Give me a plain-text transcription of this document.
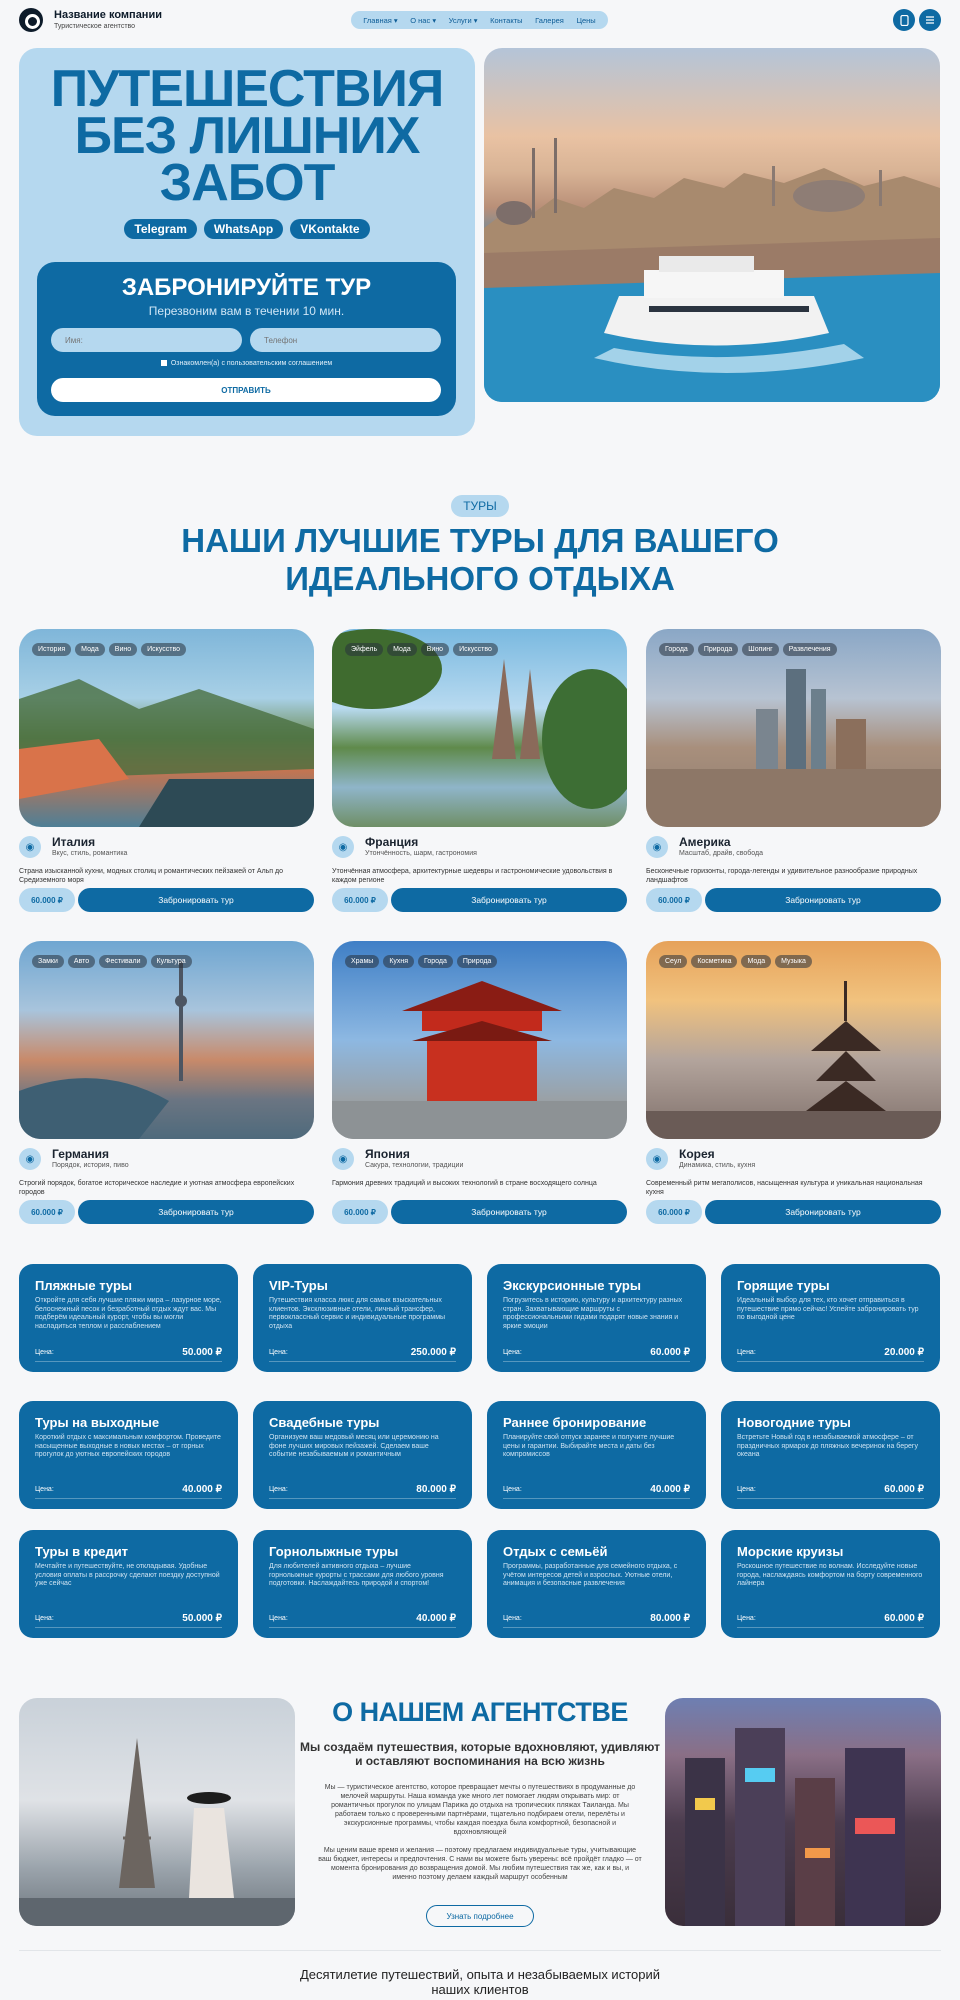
Название компании
Туристическое агентство
Главная ▾ О нас ▾ Услуги ▾ Контакты Галерея Цены
ПУТЕШЕСТВИЯ
БЕЗ ЛИШНИХ
ЗАБОТ
Telegram	WhatsApp	VKontakte
ЗАБРОНИРУЙТЕ ТУР
Перезвоним вам в течении 10 мин.
Имя:
Телефон
Ознакомлен(а) с пользовательским соглашением
ОТПРАВИТЬ
ТУРЫ
НАШИ ЛУЧШИЕ ТУРЫ ДЛЯ ВАШЕГО ИДЕАЛЬНОГО ОТДЫХА
История	Мода	Вино	Искусство
◉	Италия
Вкус, стиль, романтика
Страна изысканной кухни, модных столиц и романтических пейзажей от Альп до Средиземного моря
60.000 ₽	Забронировать тур
Эйфель	Мода	Вино	Искусство
◉	Франция
Утончённость, шарм, гастрономия
Утончённая атмосфера, архитектурные шедевры и гастрономические удовольствия в каждом регионе
60.000 ₽	Забронировать тур
Города	Природа	Шопинг	Развлечения
◉	Америка
Масштаб, драйв, свобода
Бесконечные горизонты, города-легенды и удивительное разнообразие природных ландшафтов
60.000 ₽	Забронировать тур
Замки	Авто	Фестивали	Культура
◉	Германия
Порядок, история, пиво
Строгий порядок, богатое историческое наследие и уютная атмосфера европейских городов
60.000 ₽	Забронировать тур
Храмы	Кухня	Города	Природа
◉	Япония
Сакура, технологии, традиции
Гармония древних традиций и высоких технологий в стране восходящего солнца
60.000 ₽	Забронировать тур
Сеул	Косметика	Мода	Музыка
◉	Корея
Динамика, стиль, кухня
Современный ритм мегаполисов, насыщенная культура и уникальная национальная кухня
60.000 ₽	Забронировать тур
Пляжные туры

Откройте для себя лучшие пляжи мира – лазурное море, белоснежный песок и безработный отдых ждут вас. Мы подберём идеальный курорт, чтобы вы могли насладиться теплом и расслаблением

Цена:	50.000 ₽
VIP-Туры

Путешествия класса люкс для самых взыскательных клиентов. Эксклюзивные отели, личный трансфер, первоклассный сервис и индивидуальные программы отдыха

Цена:	250.000 ₽
Экскурсионные туры

Погрузитесь в историю, культуру и архитектуру разных стран. Захватывающие маршруты с профессиональными гидами подарят новые знания и яркие эмоции

Цена:	60.000 ₽
Горящие туры

Идеальный выбор для тех, кто хочет отправиться в путешествие прямо сейчас! Успейте забронировать тур по выгодной цене

Цена:	20.000 ₽
Туры на выходные

Короткий отдых с максимальным комфортом. Проведите насыщенные выходные в новых местах – от горных прогулок до уютных европейских городов

Цена:	40.000 ₽
Свадебные туры

Организуем ваш медовый месяц или церемонию на фоне лучших мировых пейзажей. Сделаем ваше событие незабываемым и романтичным

Цена:	80.000 ₽
Раннее бронирование

Планируйте свой отпуск заранее и получите лучшие цены и гарантии. Выбирайте места и даты без компромиссов

Цена:	40.000 ₽
Новогодние туры

Встретьте Новый год в незабываемой атмосфере – от праздничных ярмарок до пляжных вечеринок на берегу океана

Цена:	60.000 ₽
Туры в кредит

Мечтайте и путешествуйте, не откладывая. Удобные условия оплаты в рассрочку сделают поездку доступной уже сейчас

Цена:	50.000 ₽
Горнолыжные туры

Для любителей активного отдыха – лучшие горнолыжные курорты с трассами для любого уровня подготовки. Наслаждайтесь природой и спортом!

Цена:	40.000 ₽
Отдых с семьёй

Программы, разработанные для семейного отдыха, с учётом интересов детей и взрослых. Уютные отели, анимация и безопасные развлечения

Цена:	80.000 ₽
Морские круизы

Роскошное путешествие по волнам. Исследуйте новые города, наслаждаясь комфортом на борту современного лайнера

Цена:	60.000 ₽
О НАШЕМ АГЕНТСТВЕ
Мы создаём путешествия, которые вдохновляют, удивляют и оставляют воспоминания на всю жизнь

Мы — туристическое агентство, которое превращает мечты о путешествиях в продуманные до мелочей маршруты. Наша команда уже много лет помогает людям открывать мир: от романтичных прогулок по улицам Парижа до отдыха на тропических пляжах Таиланда. Мы работаем только с проверенными партнёрами, тщательно подбираем отели, перелёты и экскурсионные программы, чтобы каждая поездка была комфортной, безопасной и вдохновляющей

Мы ценим ваше время и желания — поэтому предлагаем индивидуальные туры, учитывающие ваш бюджет, интересы и предпочтения. С нами вы можете быть уверены: всё пройдёт гладко — от момента бронирования до возвращения домой. Мы любим путешествия так же, как и вы, и именно поэтому делаем каждый маршрут особенным

Узнать подробнее
Десятилетие путешествий, опыта и незабываемых историй наших клиентов
